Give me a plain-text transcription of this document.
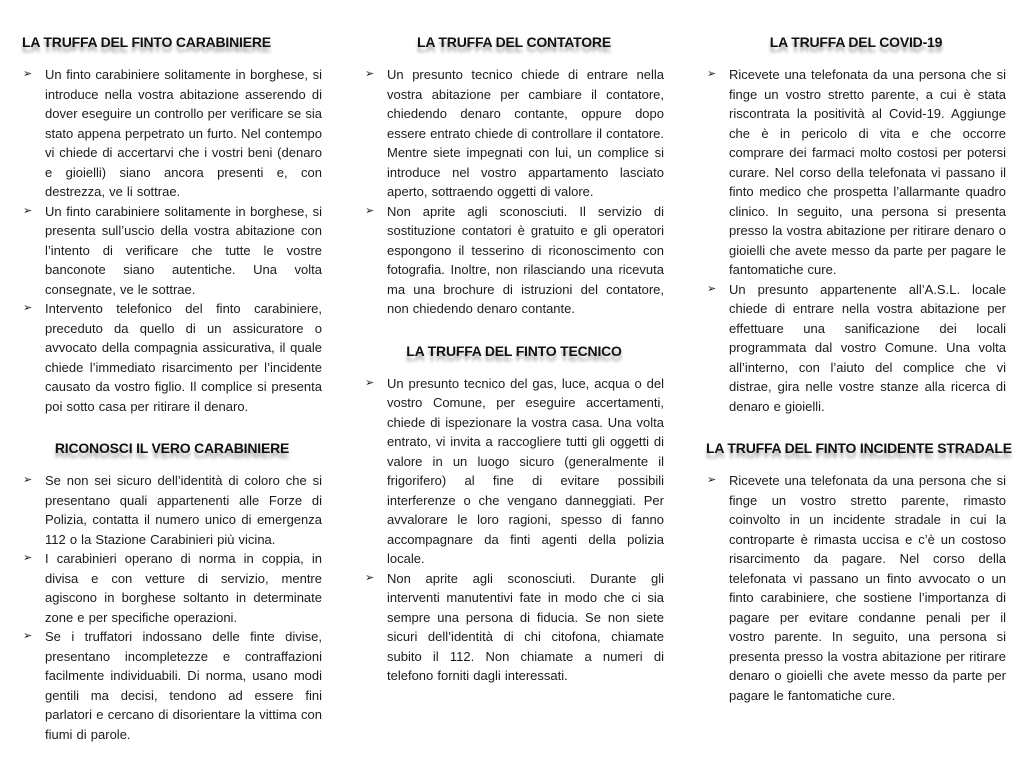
LA TRUFFA DEL FINTO CARABINIERE
➢ Un finto carabiniere solitamente in borghese, si introduce nella vostra abitazione asserendo di dover eseguire un controllo per verificare se sia stato appena perpetrato un furto. Nel contempo vi chiede di accertarvi che i vostri beni (denaro e gioielli) siano ancora presenti e, con destrezza, ve li sottrae.

➢ Un finto carabiniere solitamente in borghese, si presenta sull’uscio della vostra abitazione con l’intento di verificare che tutte le vostre banconote siano autentiche. Una volta consegnate, ve le sottrae.

➢ Intervento telefonico del finto carabiniere, preceduto da quello di un assicuratore o avvocato della compagnia assicurativa, il quale chiede l’immediato risarcimento per l’incidente causato da vostro figlio. Il complice si presenta poi sotto casa per ritirare il denaro.

RICONOSCI IL VERO CARABINIERE
➢ Se non sei sicuro dell’identità di coloro che si presentano quali appartenenti alle Forze di Polizia, contatta il numero unico di emergenza 112 o la Stazione Carabinieri più vicina.

➢ I carabinieri operano di norma in coppia, in divisa e con vetture di servizio, mentre agiscono in borghese soltanto in determinate zone e per specifiche operazioni.

➢ Se i truffatori indossano delle finte divise, presentano incompletezze e contraffazioni facilmente individuabili. Di norma, usano modi gentili ma decisi, tendono ad essere fini parlatori e cercano di disorientare la vittima con fiumi di parole.

LA TRUFFA DEL CONTATORE
➢ Un presunto tecnico chiede di entrare nella vostra abitazione per cambiare il contatore, chiedendo denaro contante, oppure dopo essere entrato chiede di controllare il contatore. Mentre siete impegnati con lui, un complice si introduce nel vostro appartamento lasciato aperto, sottraendo oggetti di valore.

➢ Non aprite agli sconosciuti. Il servizio di sostituzione contatori è gratuito e gli operatori espongono il tesserino di riconoscimento con fotografia. Inoltre, non rilasciando una ricevuta ma una brochure di istruzioni del contatore, non chiedendo denaro contante.

LA TRUFFA DEL FINTO TECNICO
➢ Un presunto tecnico del gas, luce, acqua o del vostro Comune, per eseguire accertamenti, chiede di ispezionare la vostra casa. Una volta entrato, vi invita a raccogliere tutti gli oggetti di valore in un luogo sicuro (generalmente il frigorifero) al fine di evitare possibili interferenze o che vengano danneggiati. Per avvalorare le loro ragioni, spesso di fanno accompagnare da finti agenti della polizia locale.

➢ Non aprite agli sconosciuti. Durante gli interventi manutentivi fate in modo che ci sia sempre una persona di fiducia. Se non siete sicuri dell’identità di chi citofona, chiamate subito il 112. Non chiamate a numeri di telefono forniti dagli interessati.

LA TRUFFA DEL COVID-19
➢ Ricevete una telefonata da una persona che si finge un vostro stretto parente, a cui è stata riscontrata la positività al Covid-19. Aggiunge che è in pericolo di vita e che occorre comprare dei farmaci molto costosi per potersi curare. Nel corso della telefonata vi passano il finto medico che prospetta l’allarmante quadro clinico. In seguito, una persona si presenta presso la vostra abitazione per ritirare denaro o gioielli che avete messo da parte per pagare le fantomatiche cure.

➢ Un presunto appartenente all’A.S.L. locale chiede di entrare nella vostra abitazione per effettuare una sanificazione dei locali programmata dal vostro Comune. Una volta all’interno, con l’aiuto del complice che vi distrae, gira nelle vostre stanze alla ricerca di denaro e gioielli.

LA TRUFFA DEL FINTO INCIDENTE STRADALE
➢ Ricevete una telefonata da una persona che si finge un vostro stretto parente, rimasto coinvolto in un incidente stradale in cui la controparte è rimasta uccisa e c’è un costoso risarcimento da pagare. Nel corso della telefonata vi passano un finto avvocato o un finto carabiniere, che sostiene l’importanza di pagare per evitare condanne penali per il vostro parente. In seguito, una persona si presenta presso la vostra abitazione per ritirare denaro o gioielli che avete messo da parte per pagare le fantomatiche cure.
